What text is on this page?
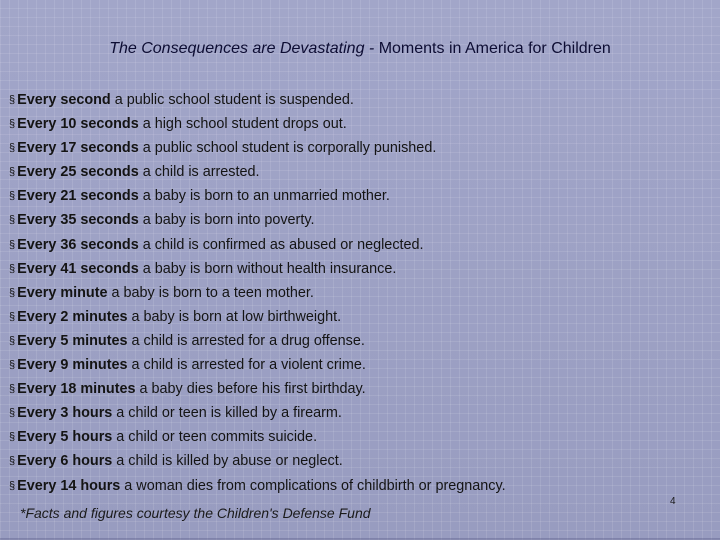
The Consequences are Devastating - Moments in America for Children
§ Every second a public school student is suspended.
§ Every 10 seconds a high school student drops out.
§ Every 17 seconds a public school student is corporally punished.
§ Every 25 seconds a child is arrested.
§ Every 21 seconds a baby is born to an unmarried mother.
§ Every 35 seconds a baby is born into poverty.
§ Every 36 seconds a child is confirmed as abused or neglected.
§ Every 41 seconds a baby is born without health insurance.
§ Every minute a baby is born to a teen mother.
§ Every 2 minutes a baby is born at low birthweight.
§ Every 5 minutes a child is arrested for a drug offense.
§ Every 9 minutes a child is arrested for a violent crime.
§ Every 18 minutes a baby dies before his first birthday.
§ Every 3 hours a child or teen is killed by a firearm.
§ Every 5 hours a child or teen commits suicide.
§ Every 6 hours a child is killed by abuse or neglect.
§ Every 14 hours a woman dies from complications of childbirth or pregnancy.
*Facts and figures courtesy the Children's Defense Fund
4
